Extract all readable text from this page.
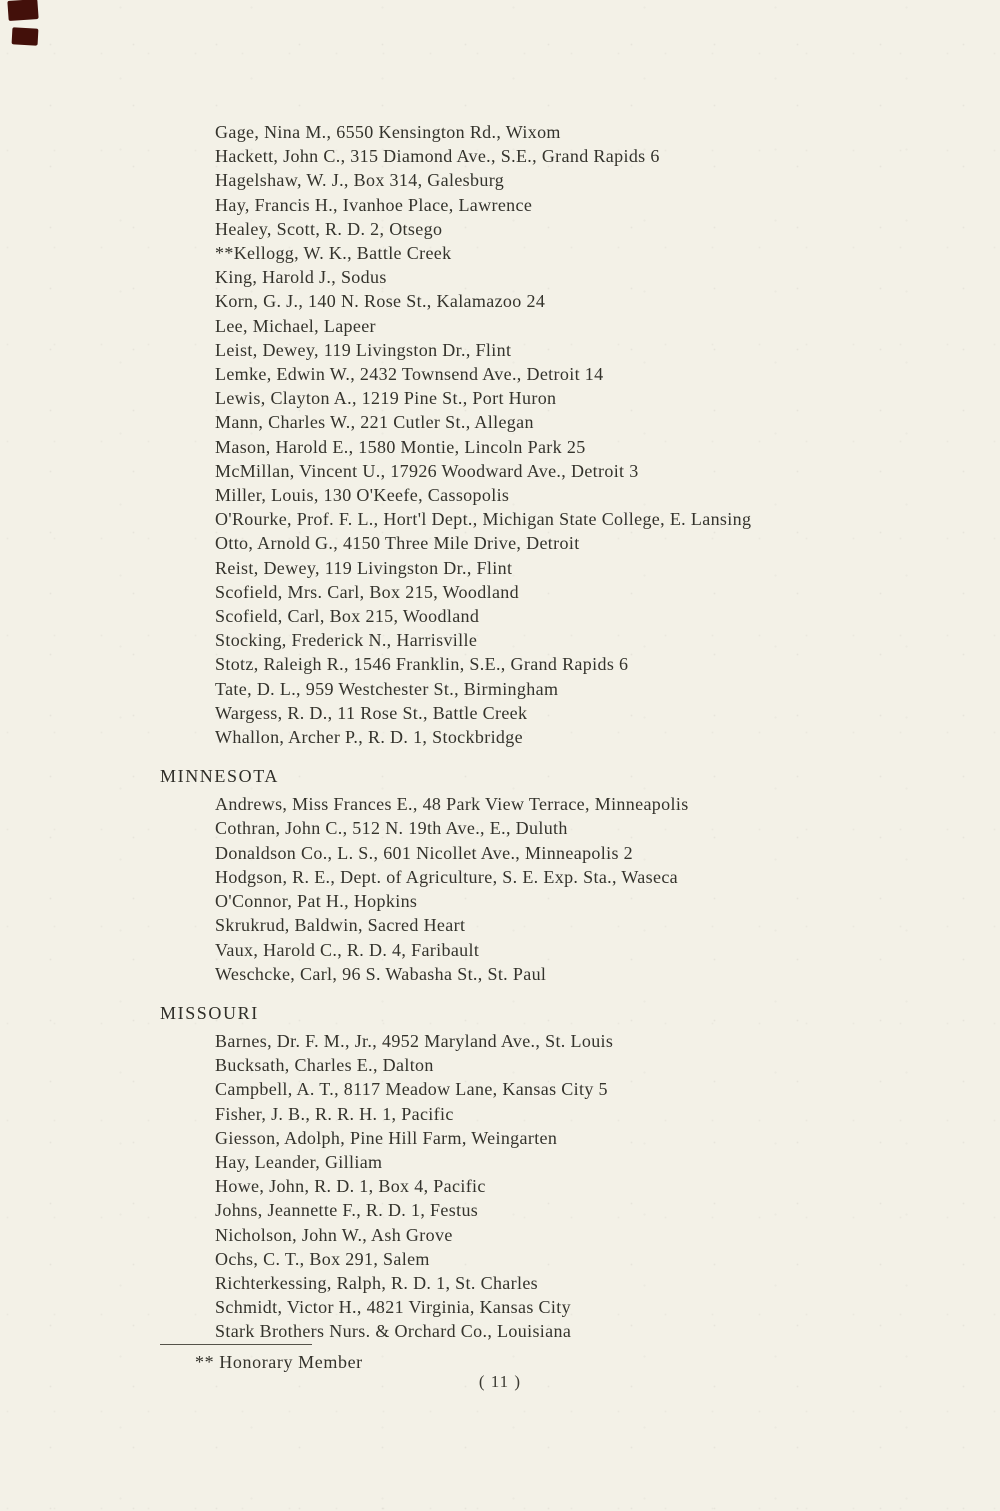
Gage, Nina M., 6550 Kensington Rd., Wixom
Hackett, John C., 315 Diamond Ave., S.E., Grand Rapids 6
Hagelshaw, W. J., Box 314, Galesburg
Hay, Francis H., Ivanhoe Place, Lawrence
Healey, Scott, R. D. 2, Otsego
**Kellogg, W. K., Battle Creek
King, Harold J., Sodus
Korn, G. J., 140 N. Rose St., Kalamazoo 24
Lee, Michael, Lapeer
Leist, Dewey, 119 Livingston Dr., Flint
Lemke, Edwin W., 2432 Townsend Ave., Detroit 14
Lewis, Clayton A., 1219 Pine St., Port Huron
Mann, Charles W., 221 Cutler St., Allegan
Mason, Harold E., 1580 Montie, Lincoln Park 25
McMillan, Vincent U., 17926 Woodward Ave., Detroit 3
Miller, Louis, 130 O'Keefe, Cassopolis
O'Rourke, Prof. F. L., Hort'l Dept., Michigan State College, E. Lansing
Otto, Arnold G., 4150 Three Mile Drive, Detroit
Reist, Dewey, 119 Livingston Dr., Flint
Scofield, Mrs. Carl, Box 215, Woodland
Scofield, Carl, Box 215, Woodland
Stocking, Frederick N., Harrisville
Stotz, Raleigh R., 1546 Franklin, S.E., Grand Rapids 6
Tate, D. L., 959 Westchester St., Birmingham
Wargess, R. D., 11 Rose St., Battle Creek
Whallon, Archer P., R. D. 1, Stockbridge
MINNESOTA
Andrews, Miss Frances E., 48 Park View Terrace, Minneapolis
Cothran, John C., 512 N. 19th Ave., E., Duluth
Donaldson Co., L. S., 601 Nicollet Ave., Minneapolis 2
Hodgson, R. E., Dept. of Agriculture, S. E. Exp. Sta., Waseca
O'Connor, Pat H., Hopkins
Skrukrud, Baldwin, Sacred Heart
Vaux, Harold C., R. D. 4, Faribault
Weschcke, Carl, 96 S. Wabasha St., St. Paul
MISSOURI
Barnes, Dr. F. M., Jr., 4952 Maryland Ave., St. Louis
Bucksath, Charles E., Dalton
Campbell, A. T., 8117 Meadow Lane, Kansas City 5
Fisher, J. B., R. R. H. 1, Pacific
Giesson, Adolph, Pine Hill Farm, Weingarten
Hay, Leander, Gilliam
Howe, John, R. D. 1, Box 4, Pacific
Johns, Jeannette F., R. D. 1, Festus
Nicholson, John W., Ash Grove
Ochs, C. T., Box 291, Salem
Richterkessing, Ralph, R. D. 1, St. Charles
Schmidt, Victor H., 4821 Virginia, Kansas City
Stark Brothers Nurs. & Orchard Co., Louisiana
** Honorary Member
( 11 )
